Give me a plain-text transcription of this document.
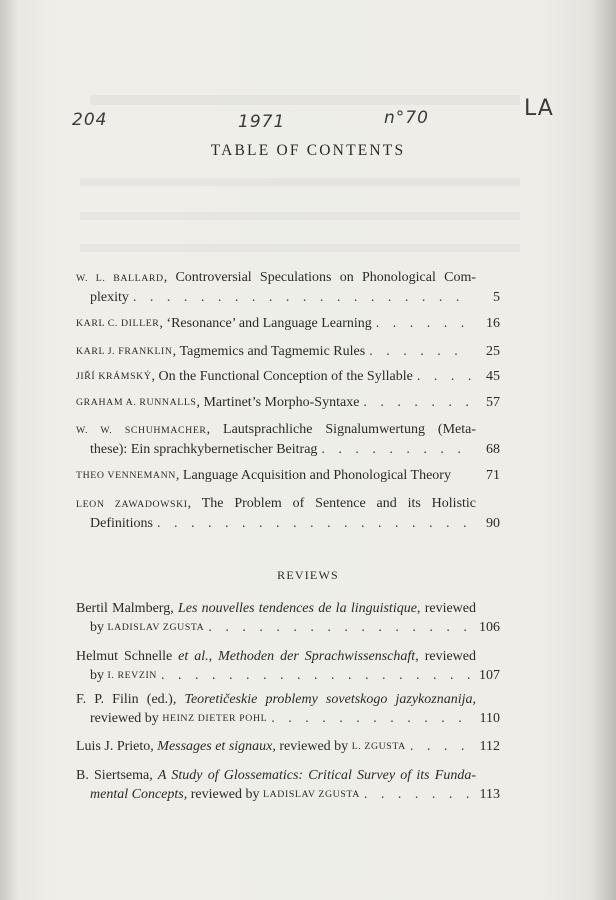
204	1971	n°70	LA
TABLE OF CONTENTS
W. L. BALLARD, Controversial Speculations on Phonological Com-
plexity . . .	5
KARL C. DILLER , ‘Resonance’ and Language Learning . . .	16
KARL J. FRANKLIN , Tagmemics and Tagmemic Rules . . .	25
JIŘÍ KRÁMSKÝ , On the Functional Conception of the Syllable . . .	45
GRAHAM A. RUNNALLS , Martinet’s Morpho-Syntaxe . . .	57
W. W. SCHUHMACHER, Lautsprachliche Signalumwertung (Meta-
these): Ein sprachkybernetischer Beitrag . . .	68
THEO VENNEMANN , Language Acquisition and Phonological Theory	71
LEON ZAWADOWSKI, The Problem of Sentence and its Holistic
Definitions . . .	90
REVIEWS
Bertil Malmberg, Les nouvelles tendences de la linguistique, reviewed
by
LADISLAV ZGUSTA . . .	106
Helmut Schnelle et al., Methoden der Sprachwissenschaft, reviewed
by
I. REVZIN . . .	107
F. P. Filin (ed.), Teoretičeskie problemy sovetskogo jazykoznanija,
reviewed by
HEINZ DIETER POHL . . .	110
Luis J. Prieto,
Messages et signaux,
reviewed by
L. ZGUSTA . . .	112
B. Siertsema, A Study of Glossematics: Critical Survey of its Funda-
mental Concepts,
reviewed by
LADISLAV ZGUSTA . . .	113
